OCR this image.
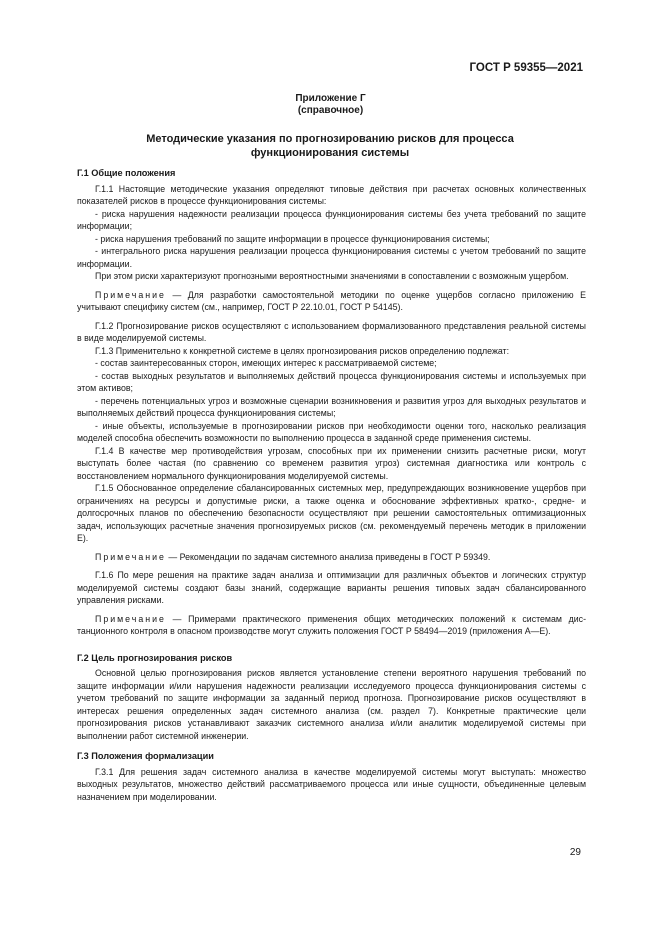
ГОСТ Р 59355—2021
Приложение Г
(справочное)
Методические указания по прогнозированию рисков для процесса
функционирования системы
Г.1 Общие положения

Г.1.1 Настоящие методические указания определяют типовые действия при расчетах основных количественных показателей рисков в процессе функционирования системы:

- риска нарушения надежности реализации процесса функционирования системы без учета требований по защите информации;

- риска нарушения требований по защите информации в процессе функционирования системы;

- интегрального риска нарушения реализации процесса функционирования системы с учетом требований по защите информации.

При этом риски характеризуют прогнозными вероятностными значениями в сопоставлении с возможным ущербом.

Примечание — Для разработки самостоятельной методики по оценке ущербов согласно приложению Е учитывают специфику систем (см., например, ГОСТ Р 22.10.01, ГОСТ Р 54145).

Г.1.2 Прогнозирование рисков осуществляют с использованием формализованного представления реальной системы в виде моделируемой системы.

Г.1.3 Применительно к конкретной системе в целях прогнозирования рисков определению подлежат:

- состав заинтересованных сторон, имеющих интерес к рассматриваемой системе;

- состав выходных результатов и выполняемых действий процесса функционирования системы и используемых при этом активов;

- перечень потенциальных угроз и возможные сценарии возникновения и развития угроз для выходных результатов и выполняемых действий процесса функционирования системы;

- иные объекты, используемые в прогнозировании рисков при необходимости оценки того, насколько реализация моделей способна обеспечить возможности по выполнению процесса в заданной среде применения системы.

Г.1.4 В качестве мер противодействия угрозам, способных при их применении снизить расчетные риски, могут выступать более частая (по сравнению со временем развития угроз) системная диагностика или контроль с восстановлением нормального функционирования моделируемой системы.

Г.1.5 Обоснованное определение сбалансированных системных мер, предупреждающих возникновение ущербов при ограничениях на ресурсы и допустимые риски, а также оценка и обоснование эффективных кратко-, средне- и долгосрочных планов по обеспечению безопасности осуществляют при решении самостоятельных оптимизационных задач, использующих расчетные значения прогнозируемых рисков (см. рекомендуемый перечень методик в приложении Е).

Примечание — Рекомендации по задачам системного анализа приведены в ГОСТ Р 59349.

Г.1.6 По мере решения на практике задач анализа и оптимизации для различных объектов и логических структур моделируемой системы создают базы знаний, содержащие варианты решения типовых задач сбалансированного управления рисками.

Примечание — Примерами практического применения общих методических положений к системам дистанционного контроля в опасном производстве могут служить положения ГОСТ Р 58494—2019 (приложения А—Е).

Г.2 Цель прогнозирования рисков

Основной целью прогнозирования рисков является установление степени вероятного нарушения требований по защите информации и/или нарушения надежности реализации исследуемого процесса функционирования системы с учетом требований по защите информации за заданный период прогноза. Прогнозирование рисков осуществляют в интересах решения определенных задач системного анализа (см. раздел 7). Конкретные практические цели прогнозирования рисков устанавливают заказчик системного анализа и/или аналитик моделируемой системы при выполнении работ системной инженерии.

Г.3 Положения формализации

Г.3.1 Для решения задач системного анализа в качестве моделируемой системы могут выступать: множество выходных результатов, множество действий рассматриваемого процесса или иные сущности, объединенные целевым назначением при моделировании.

29
